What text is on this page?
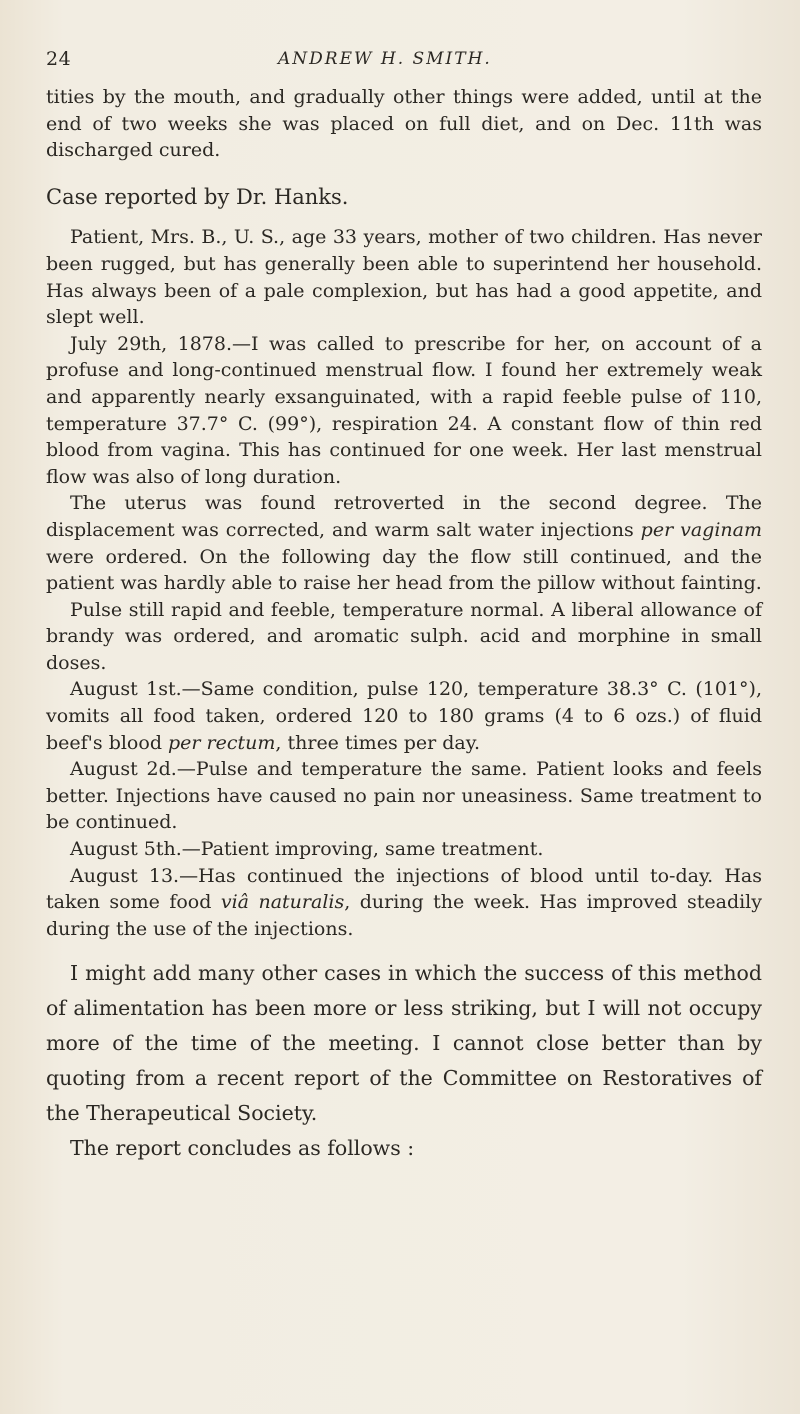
24	ANDREW H. SMITH.

tities by the mouth, and gradually other things were added, until at the end of two weeks she was placed on full diet, and on Dec. 11th was discharged cured.

Case reported by Dr. Hanks.

Patient, Mrs. B., U. S., age 33 years, mother of two children. Has never been rugged, but has generally been able to superintend her household. Has always been of a pale complexion, but has had a good appetite, and slept well.

July 29th, 1878.—I was called to prescribe for her, on account of a profuse and long-continued menstrual flow. I found her extremely weak and apparently nearly exsanguinated, with a rapid feeble pulse of 110, temperature 37.7° C. (99°), respiration 24. A constant flow of thin red blood from vagina. This has continued for one week. Her last menstrual flow was also of long duration.

The uterus was found retroverted in the second degree. The displacement was corrected, and warm salt water injections per vaginam were ordered. On the following day the flow still continued, and the patient was hardly able to raise her head from the pillow without fainting.

Pulse still rapid and feeble, temperature normal. A liberal allowance of brandy was ordered, and aromatic sulph. acid and morphine in small doses.

August 1st.—Same condition, pulse 120, temperature 38.3° C. (101°), vomits all food taken, ordered 120 to 180 grams (4 to 6 ozs.) of fluid beef's blood per rectum, three times per day.

August 2d.—Pulse and temperature the same. Patient looks and feels better. Injections have caused no pain nor uneasiness. Same treatment to be continued.

August 5th.—Patient improving, same treatment.

August 13.—Has continued the injections of blood until to-day. Has taken some food viâ naturalis, during the week. Has improved steadily during the use of the injections.

I might add many other cases in which the success of this method of alimentation has been more or less striking, but I will not occupy more of the time of the meeting. I cannot close better than by quoting from a recent report of the Committee on Restoratives of the Therapeutical Society.

The report concludes as follows :
